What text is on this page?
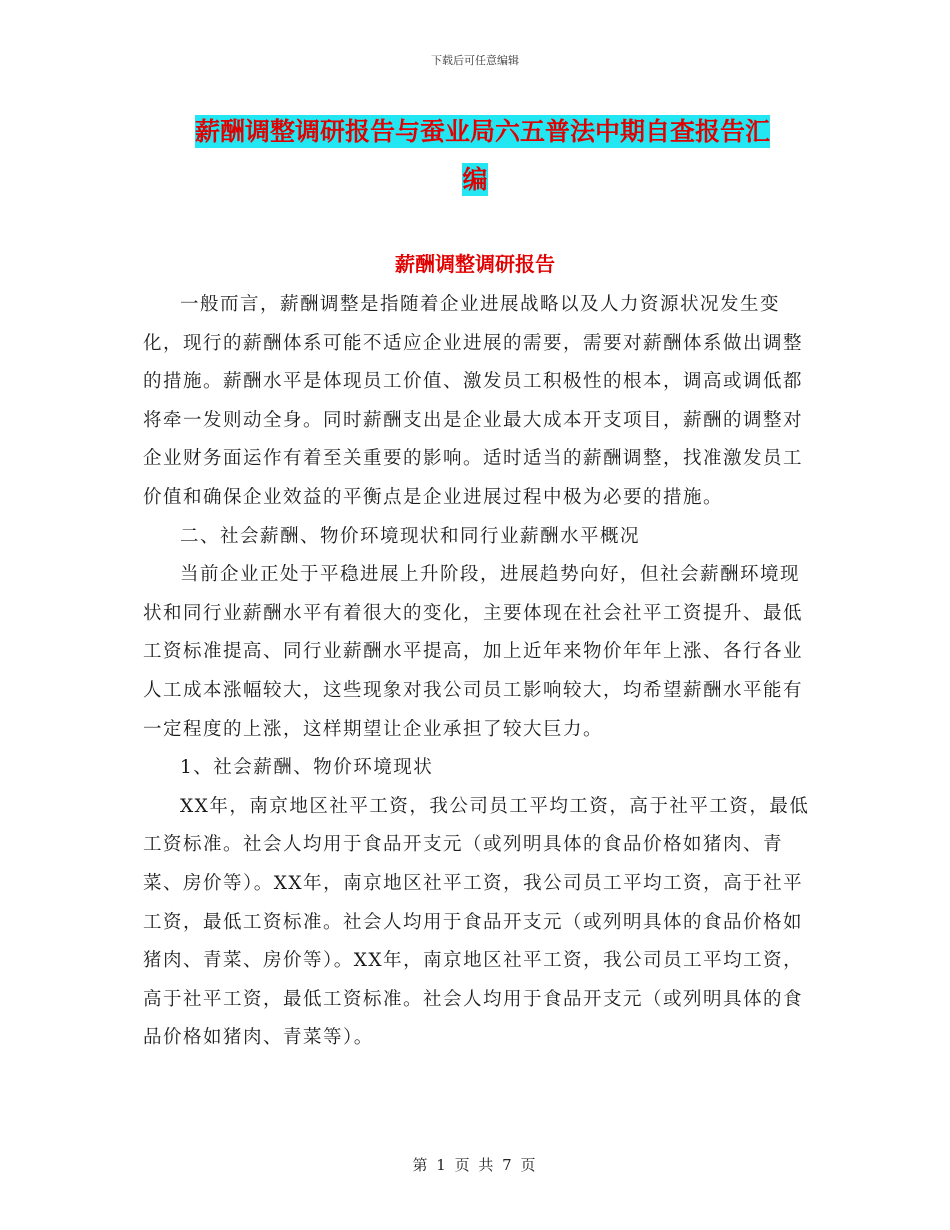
下载后可任意编辑
薪酬调整调研报告与蚕业局六五普法中期自查报告汇
编
薪酬调整调研报告

一般而言，薪酬调整是指随着企业进展战略以及人力资源状况发生变化，现行的薪酬体系可能不适应企业进展的需要，需要对薪酬体系做出调整的措施。薪酬水平是体现员工价值、激发员工积极性的根本，调高或调低都将牵一发则动全身。同时薪酬支出是企业最大成本开支项目，薪酬的调整对企业财务面运作有着至关重要的影响。适时适当的薪酬调整，找准激发员工价值和确保企业效益的平衡点是企业进展过程中极为必要的措施。

二、社会薪酬、物价环境现状和同行业薪酬水平概况

当前企业正处于平稳进展上升阶段，进展趋势向好，但社会薪酬环境现状和同行业薪酬水平有着很大的变化，主要体现在社会社平工资提升、最低工资标准提高、同行业薪酬水平提高，加上近年来物价年年上涨、各行各业人工成本涨幅较大，这些现象对我公司员工影响较大，均希望薪酬水平能有一定程度的上涨，这样期望让企业承担了较大巨力。

1、社会薪酬、物价环境现状

XX年，南京地区社平工资，我公司员工平均工资，高于社平工资，最低工资标准。社会人均用于食品开支元（或列明具体的食品价格如猪肉、青菜、房价等）。XX年，南京地区社平工资，我公司员工平均工资，高于社平工资，最低工资标准。社会人均用于食品开支元（或列明具体的食品价格如猪肉、青菜、房价等）。XX年，南京地区社平工资，我公司员工平均工资，高于社平工资，最低工资标准。社会人均用于食品开支元（或列明具体的食品价格如猪肉、青菜等）。

第 1 页 共 7 页
